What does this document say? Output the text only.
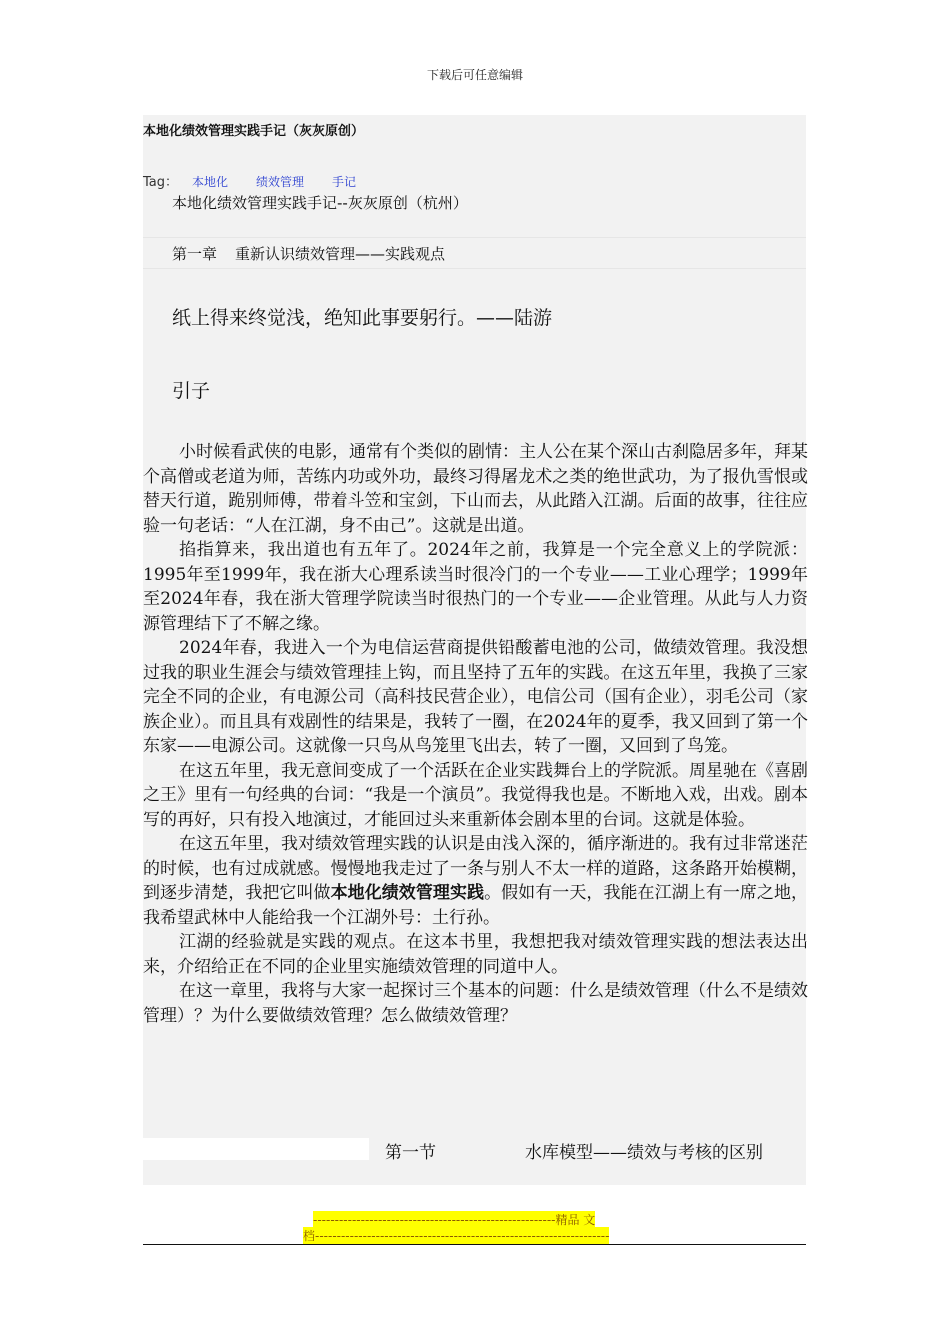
下载后可任意编辑
本地化绩效管理实践手记（灰灰原创）
Tag： 本地化 绩效管理 手记
本地化绩效管理实践手记--灰灰原创（杭州）
第一章 重新认识绩效管理——实践观点
纸上得来终觉浅，绝知此事要躬行。——陆游
引子

小时候看武侠的电影，通常有个类似的剧情：主人公在某个深山古刹隐居多年，拜某个高僧或老道为师，苦练内功或外功，最终习得屠龙术之类的绝世武功，为了报仇雪恨或替天行道，跪别师傅，带着斗笠和宝剑，下山而去，从此踏入江湖。后面的故事，往往应验一句老话：“人在江湖，身不由己”。这就是出道。

掐指算来，我出道也有五年了。2024年之前，我算是一个完全意义上的学院派：1995年至1999年，我在浙大心理系读当时很冷门的一个专业——工业心理学；1999年至2024年春，我在浙大管理学院读当时很热门的一个专业——企业管理。从此与人力资源管理结下了不解之缘。

2024年春，我进入一个为电信运营商提供铅酸蓄电池的公司，做绩效管理。我没想过我的职业生涯会与绩效管理挂上钩，而且坚持了五年的实践。在这五年里，我换了三家完全不同的企业，有电源公司（高科技民营企业），电信公司（国有企业），羽毛公司（家族企业）。而且具有戏剧性的结果是，我转了一圈，在2024年的夏季，我又回到了第一个东家——电源公司。这就像一只鸟从鸟笼里飞出去，转了一圈，又回到了鸟笼。

在这五年里，我无意间变成了一个活跃在企业实践舞台上的学院派。周星驰在《喜剧之王》里有一句经典的台词：“我是一个演员”。我觉得我也是。不断地入戏，出戏。剧本写的再好，只有投入地演过，才能回过头来重新体会剧本里的台词。这就是体验。

在这五年里，我对绩效管理实践的认识是由浅入深的，循序渐进的。我有过非常迷茫的时候，也有过成就感。慢慢地我走过了一条与别人不太一样的道路，这条路开始模糊，到逐步清楚，我把它叫做本地化绩效管理实践。假如有一天，我能在江湖上有一席之地，我希望武林中人能给我一个江湖外号：土行孙。

江湖的经验就是实践的观点。在这本书里，我想把我对绩效管理实践的想法表达出来，介绍给正在不同的企业里实施绩效管理的同道中人。

在这一章里，我将与大家一起探讨三个基本的问题：什么是绩效管理（什么不是绩效管理）？为什么要做绩效管理？怎么做绩效管理？

第一节	水库模型——绩效与考核的区别
--------------------------------------------------------精品 文
档--------------------------------------------------------------------
